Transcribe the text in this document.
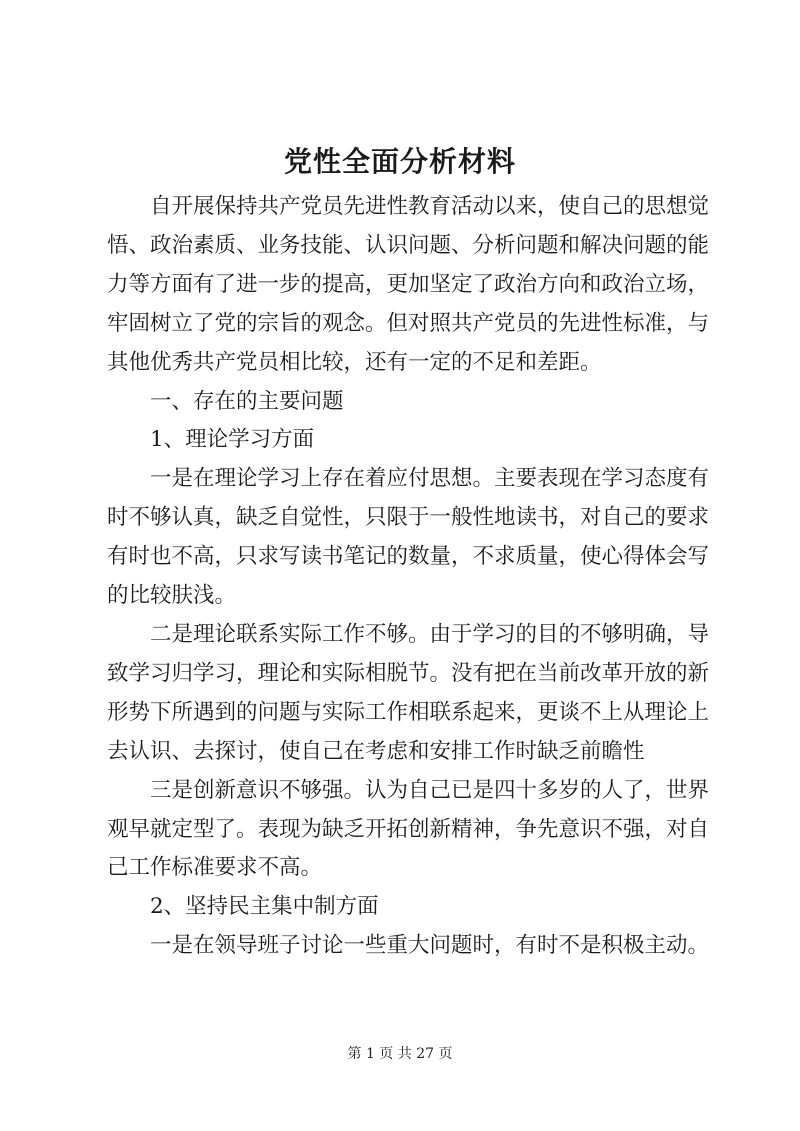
党性全面分析材料

自开展保持共产党员先进性教育活动以来，使自己的思想觉
悟、政治素质、业务技能、认识问题、分析问题和解决问题的能
力等方面有了进一步的提高，更加坚定了政治方向和政治立场，
牢固树立了党的宗旨的观念。但对照共产党员的先进性标准，与
其他优秀共产党员相比较，还有一定的不足和差距。

一、存在的主要问题

1、理论学习方面

一是在理论学习上存在着应付思想。主要表现在学习态度有
时不够认真，缺乏自觉性，只限于一般性地读书，对自己的要求
有时也不高，只求写读书笔记的数量，不求质量，使心得体会写
的比较肤浅。

二是理论联系实际工作不够。由于学习的目的不够明确，导
致学习归学习，理论和实际相脱节。没有把在当前改革开放的新
形势下所遇到的问题与实际工作相联系起来，更谈不上从理论上
去认识、去探讨，使自己在考虑和安排工作时缺乏前瞻性

三是创新意识不够强。认为自己已是四十多岁的人了，世界
观早就定型了。表现为缺乏开拓创新精神，争先意识不强，对自
己工作标准要求不高。

2、坚持民主集中制方面

一是在领导班子讨论一些重大问题时，有时不是积极主动。

第 1 页 共 27 页
